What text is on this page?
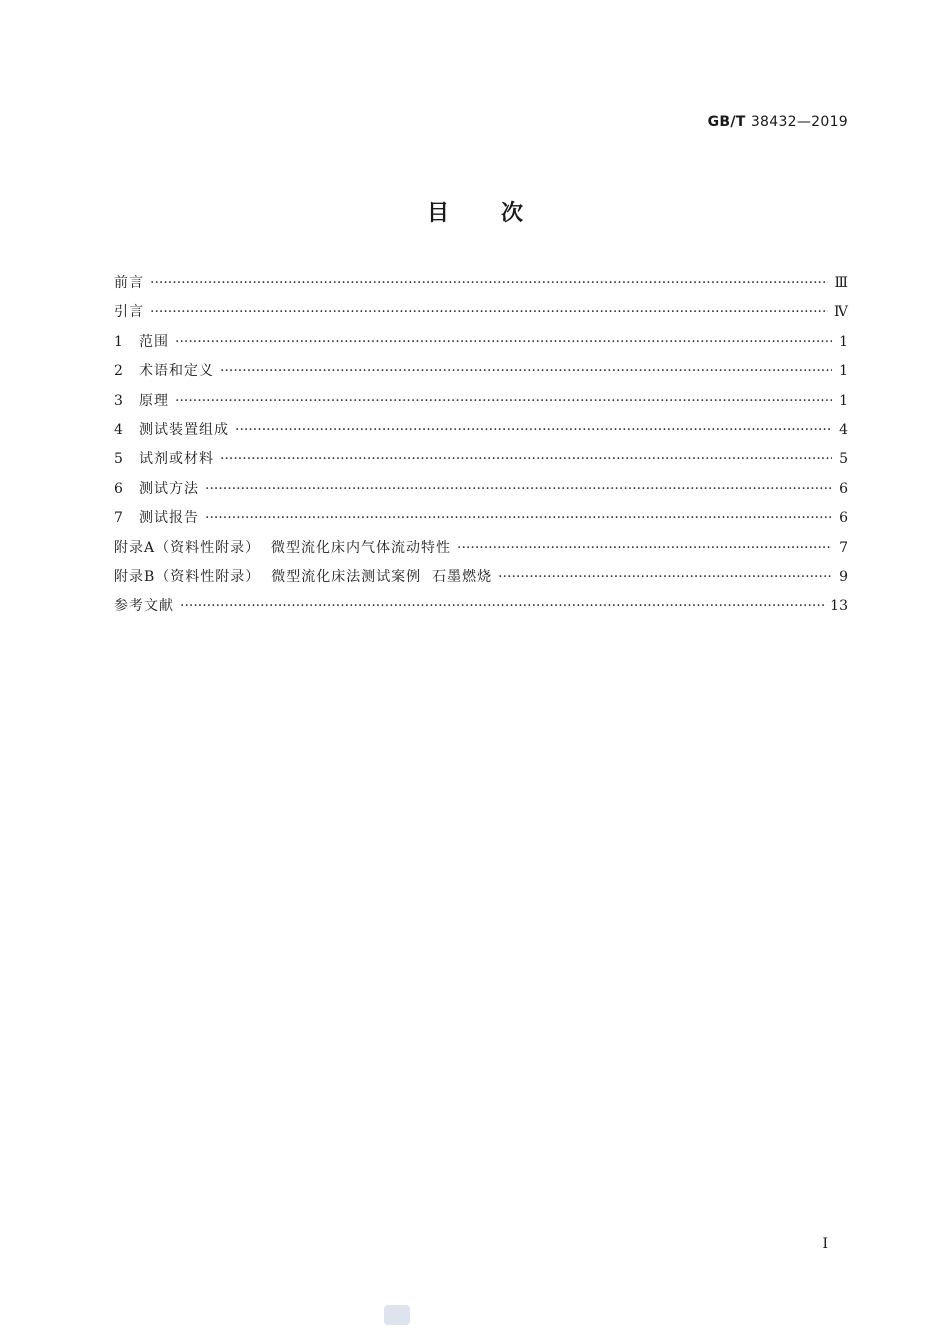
GB/T 38432—2019
目次
前言 ·····	Ⅲ
引言 ·····	Ⅳ
1	范围 ·····	1
2	术语和定义 ·····	1
3	原理 ·····	1
4	测试装置组成 ·····	4
5	试剂或材料 ·····	5
6	测试方法 ·····	6
7	测试报告 ·····	6
附录A（资料性附录）  微型流化床内气体流动特性 ·····	7
附录B（资料性附录）  微型流化床法测试案例  石墨燃烧 ·····	9
参考文献 ·····	13
Ⅰ
